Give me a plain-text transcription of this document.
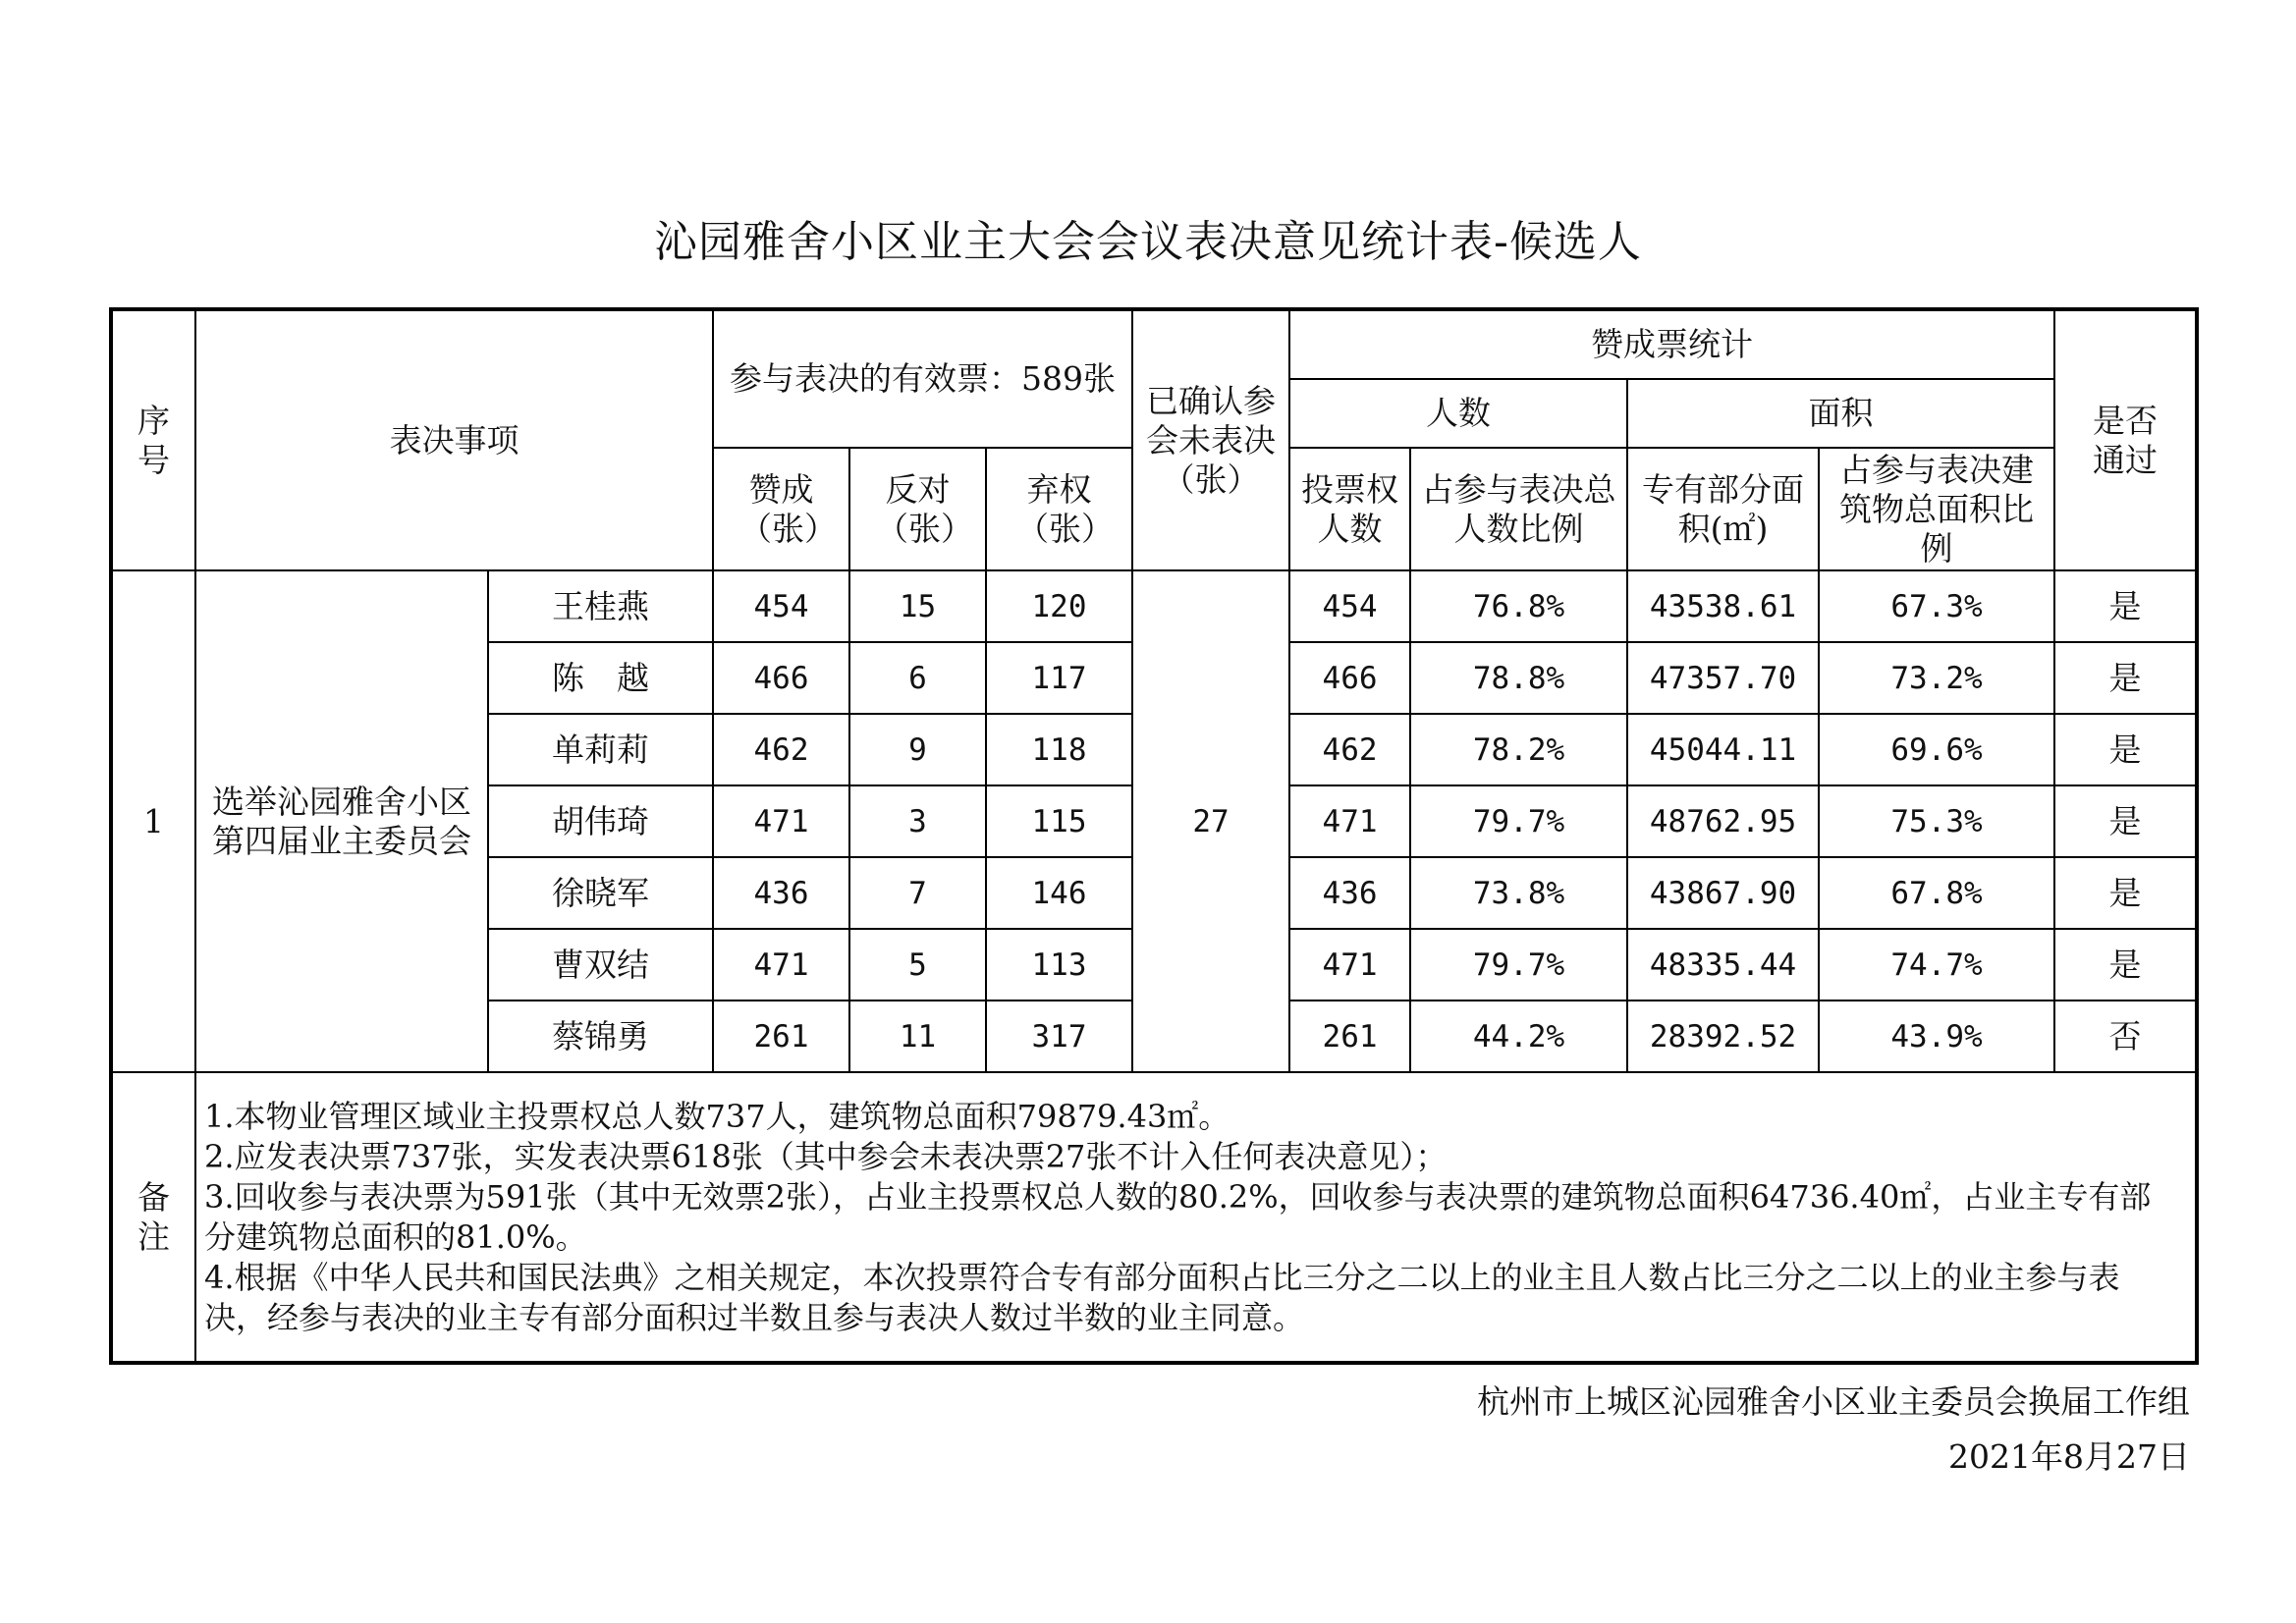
沁园雅舍小区业主大会会议表决意见统计表-候选人
序号	表决事项		参与表决的有效票：589张			已确认参会未表决（张）	赞成票统计				是否通过
							人数		面积		
			赞成（张）	反对（张）	弃权（张）		投票权人数	占参与表决总人数比例	专有部分面积(㎡)	占参与表决建筑物总面积比例	
1	选举沁园雅舍小区第四届业主委员会	王桂燕	454	15	120	27	454	76.8%	43538.61	67.3%	是
		陈　越	466	6	117		466	78.8%	47357.70	73.2%	是
		单莉莉	462	9	118		462	78.2%	45044.11	69.6%	是
		胡伟琦	471	3	115		471	79.7%	48762.95	75.3%	是
		徐晓军	436	7	146		436	73.8%	43867.90	67.8%	是
		曹双结	471	5	113		471	79.7%	48335.44	74.7%	是
		蔡锦勇	261	11	317		261	44.2%	28392.52	43.9%	否
备注	1.本物业管理区域业主投票权总人数737人，建筑物总面积79879.43㎡。
2.应发表决票737张，实发表决票618张（其中参会未表决票27张不计入任何表决意见）；
3.回收参与表决票为591张（其中无效票2张），占业主投票权总人数的80.2%，回收参与表决票的建筑物总面积64736.40㎡，占业主专有部分建筑物总面积的81.0%。
4.根据《中华人民共和国民法典》之相关规定，本次投票符合专有部分面积占比三分之二以上的业主且人数占比三分之二以上的业主参与表决，经参与表决的业主专有部分面积过半数且参与表决人数过半数的业主同意。										
杭州市上城区沁园雅舍小区业主委员会换届工作组
2021年8月27日
